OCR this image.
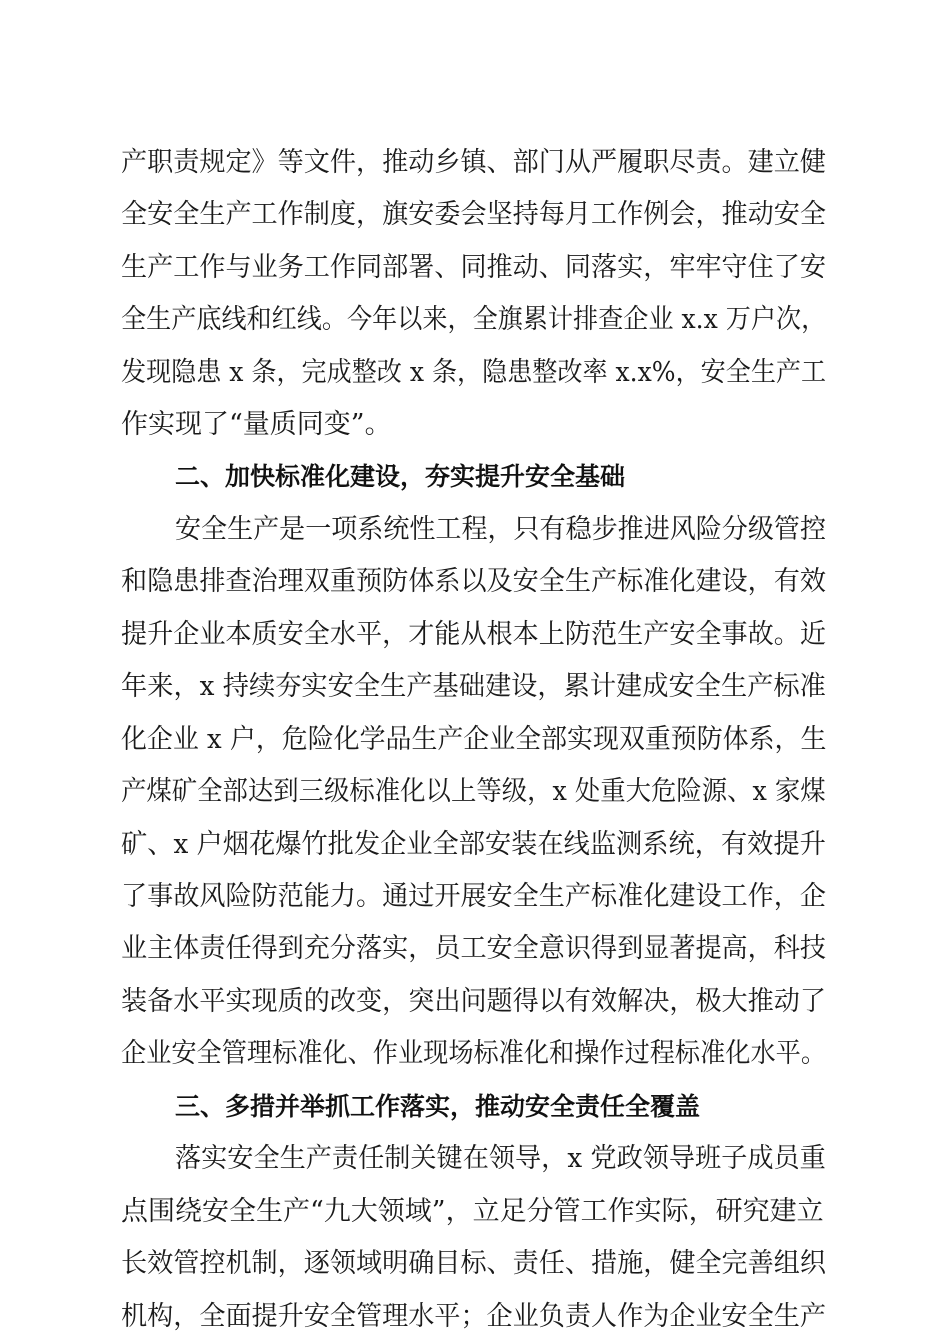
产职责规定》等文件，推动乡镇、部门从严履职尽责。建立健
全安全生产工作制度，旗安委会坚持每月工作例会，推动安全
生产工作与业务工作同部署、同推动、同落实，牢牢守住了安
全生产底线和红线。今年以来，全旗累计排查企业 x.x 万户次，
发现隐患 x 条，完成整改 x 条，隐患整改率 x.x%，安全生产工
作实现了“量质同变”。
二、加快标准化建设，夯实提升安全基础
安全生产是一项系统性工程，只有稳步推进风险分级管控
和隐患排查治理双重预防体系以及安全生产标准化建设，有效
提升企业本质安全水平，才能从根本上防范生产安全事故。近
年来，x 持续夯实安全生产基础建设，累计建成安全生产标准
化企业 x 户，危险化学品生产企业全部实现双重预防体系，生
产煤矿全部达到三级标准化以上等级，x 处重大危险源、x 家煤
矿、x 户烟花爆竹批发企业全部安装在线监测系统，有效提升
了事故风险防范能力。通过开展安全生产标准化建设工作，企
业主体责任得到充分落实，员工安全意识得到显著提高，科技
装备水平实现质的改变，突出问题得以有效解决，极大推动了
企业安全管理标准化、作业现场标准化和操作过程标准化水平。
三、多措并举抓工作落实，推动安全责任全覆盖
落实安全生产责任制关键在领导，x 党政领导班子成员重
点围绕安全生产“九大领域”，立足分管工作实际，研究建立
长效管控机制，逐领域明确目标、责任、措施，健全完善组织
机构，全面提升安全管理水平；企业负责人作为企业安全生产
